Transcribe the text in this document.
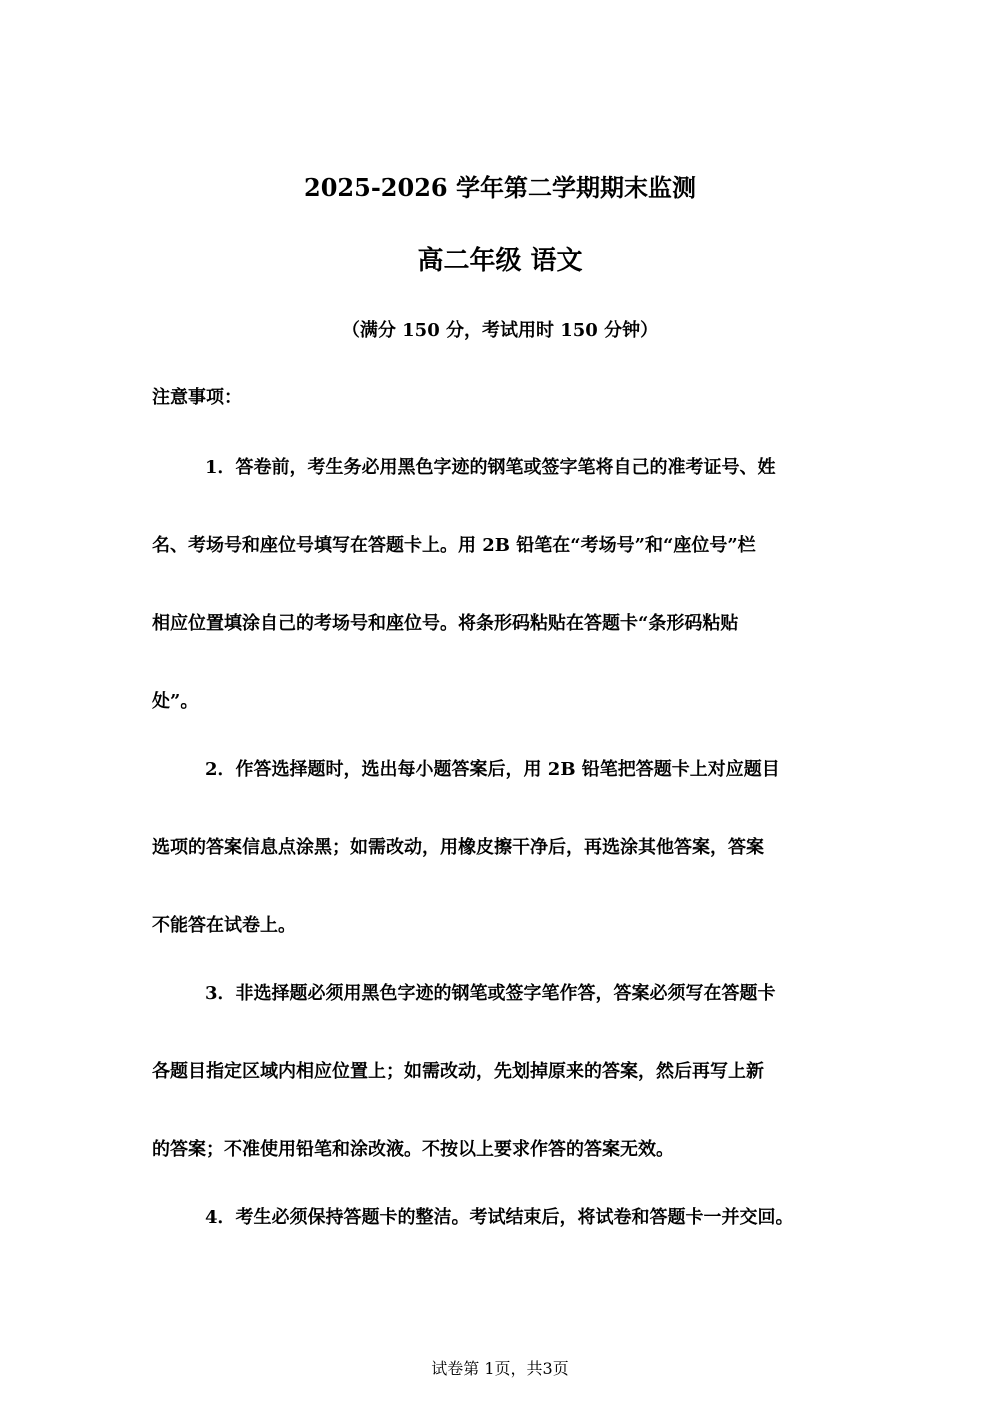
2025-2026 学年第二学期期末监测
高二年级 语文
（满分 150 分，考试用时 150 分钟）
注意事项：
1．答卷前，考生务必用黑色字迹的钢笔或签字笔将自己的准考证号、姓
名、考场号和座位号填写在答题卡上。用 2B 铅笔在“考场号”和“座位号”栏
相应位置填涂自己的考场号和座位号。将条形码粘贴在答题卡“条形码粘贴
处”。
2．作答选择题时，选出每小题答案后，用 2B 铅笔把答题卡上对应题目
选项的答案信息点涂黑；如需改动，用橡皮擦干净后，再选涂其他答案，答案
不能答在试卷上。
3．非选择题必须用黑色字迹的钢笔或签字笔作答，答案必须写在答题卡
各题目指定区域内相应位置上；如需改动，先划掉原来的答案，然后再写上新
的答案；不准使用铅笔和涂改液。不按以上要求作答的答案无效。
4．考生必须保持答题卡的整洁。考试结束后，将试卷和答题卡一并交回。
试卷第 1页，共3页
